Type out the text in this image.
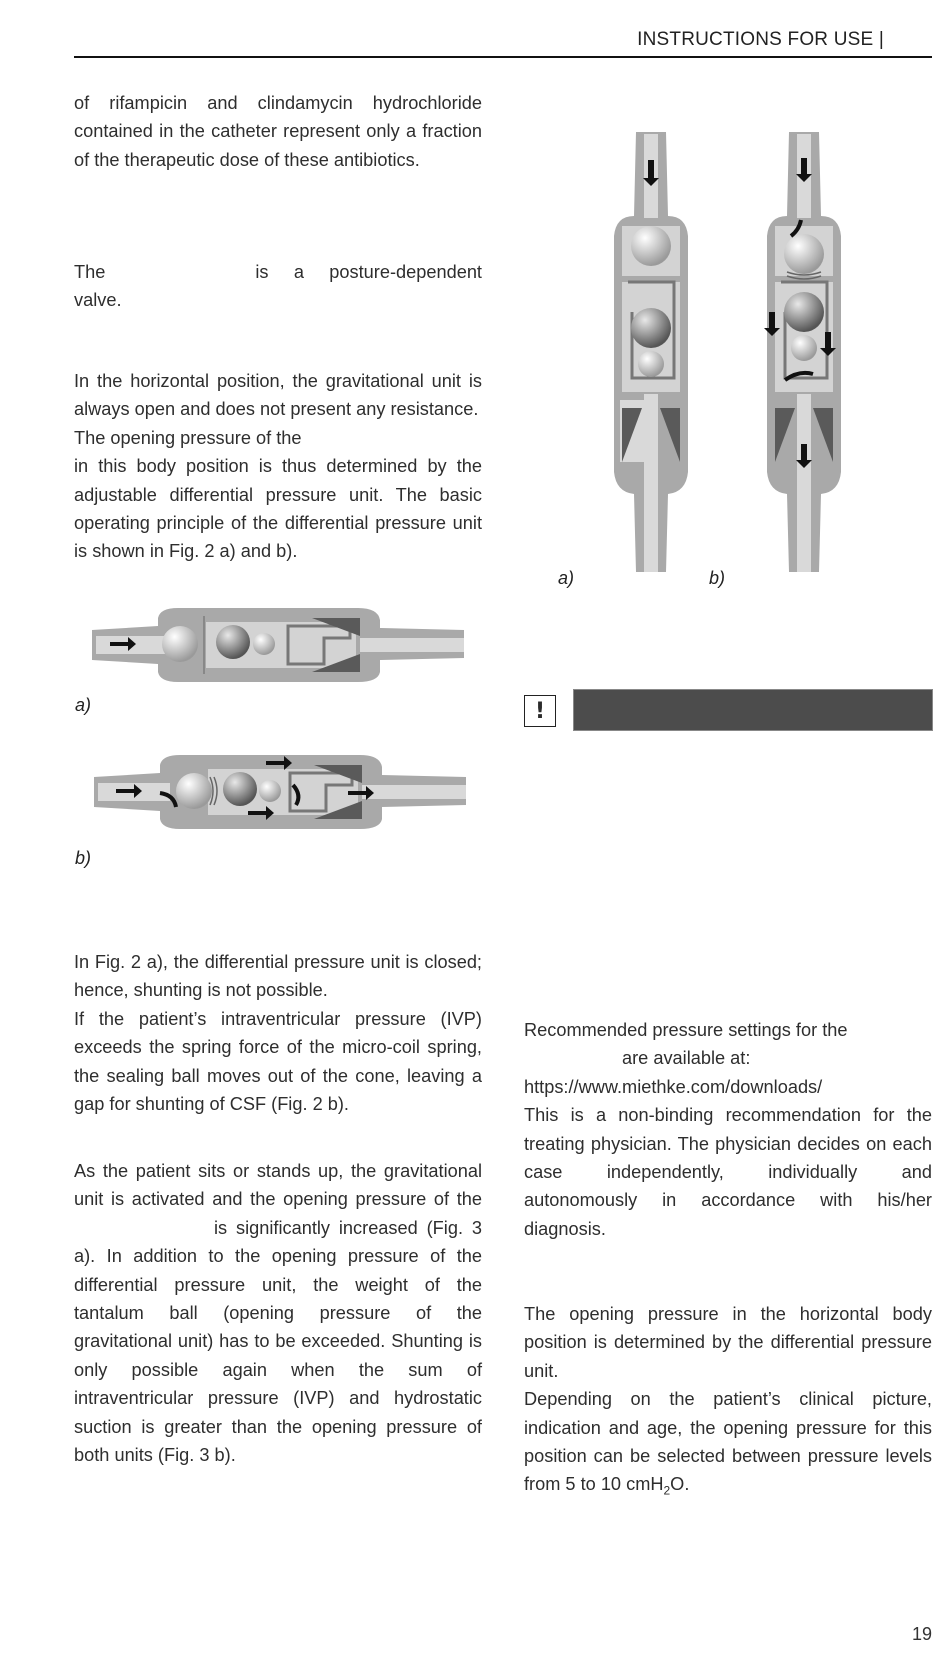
INSTRUCTIONS FOR USE |

of rifampicin and clindamycin hydrochloride contained in the catheter represent only a fraction of the therapeutic dose of these antibiotics.

The	is a posture-dependent valve.

In the horizontal position, the gravitational unit is always open and does not present any resistance.

The opening pressure of the

in this body position is thus determined by the adjustable differential pressure unit. The basic operating principle of the differential pressure unit is shown in Fig. 2 a) and b).

a)
b)

In Fig. 2 a), the differential pressure unit is closed; hence, shunting is not possible.

If the patient’s intraventricular pressure (IVP) exceeds the spring force of the micro-coil spring, the sealing ball moves out of the cone, leaving a gap for shunting of CSF (Fig. 2 b).

As the patient sits or stands up, the gravitational unit is activated and the opening pressure of theis significantly increased (Fig. 3 a). In addition to the opening pressure of the differential pressure unit, the weight of the tantalum ball (opening pressure of the gravitational unit) has to be exceeded. Shunting is only possible again when the sum of intraventricular pressure (IVP) and hydrostatic suction is greater than the opening pressure of both units (Fig. 3 b).

a)	b)
!

Recommended pressure settings for the

are available at:

https://www.miethke.com/downloads/

This is a non-binding recommendation for the treating physician. The physician decides on each case independently, individually and autonomously in accordance with his/her diagnosis.

The opening pressure in the horizontal body position is determined by the differential pressure unit.

Depending on the patient’s clinical picture, indication and age, the opening pressure for this position can be selected between pressure levels from 5 to 10 cmH$_2$O.

19
